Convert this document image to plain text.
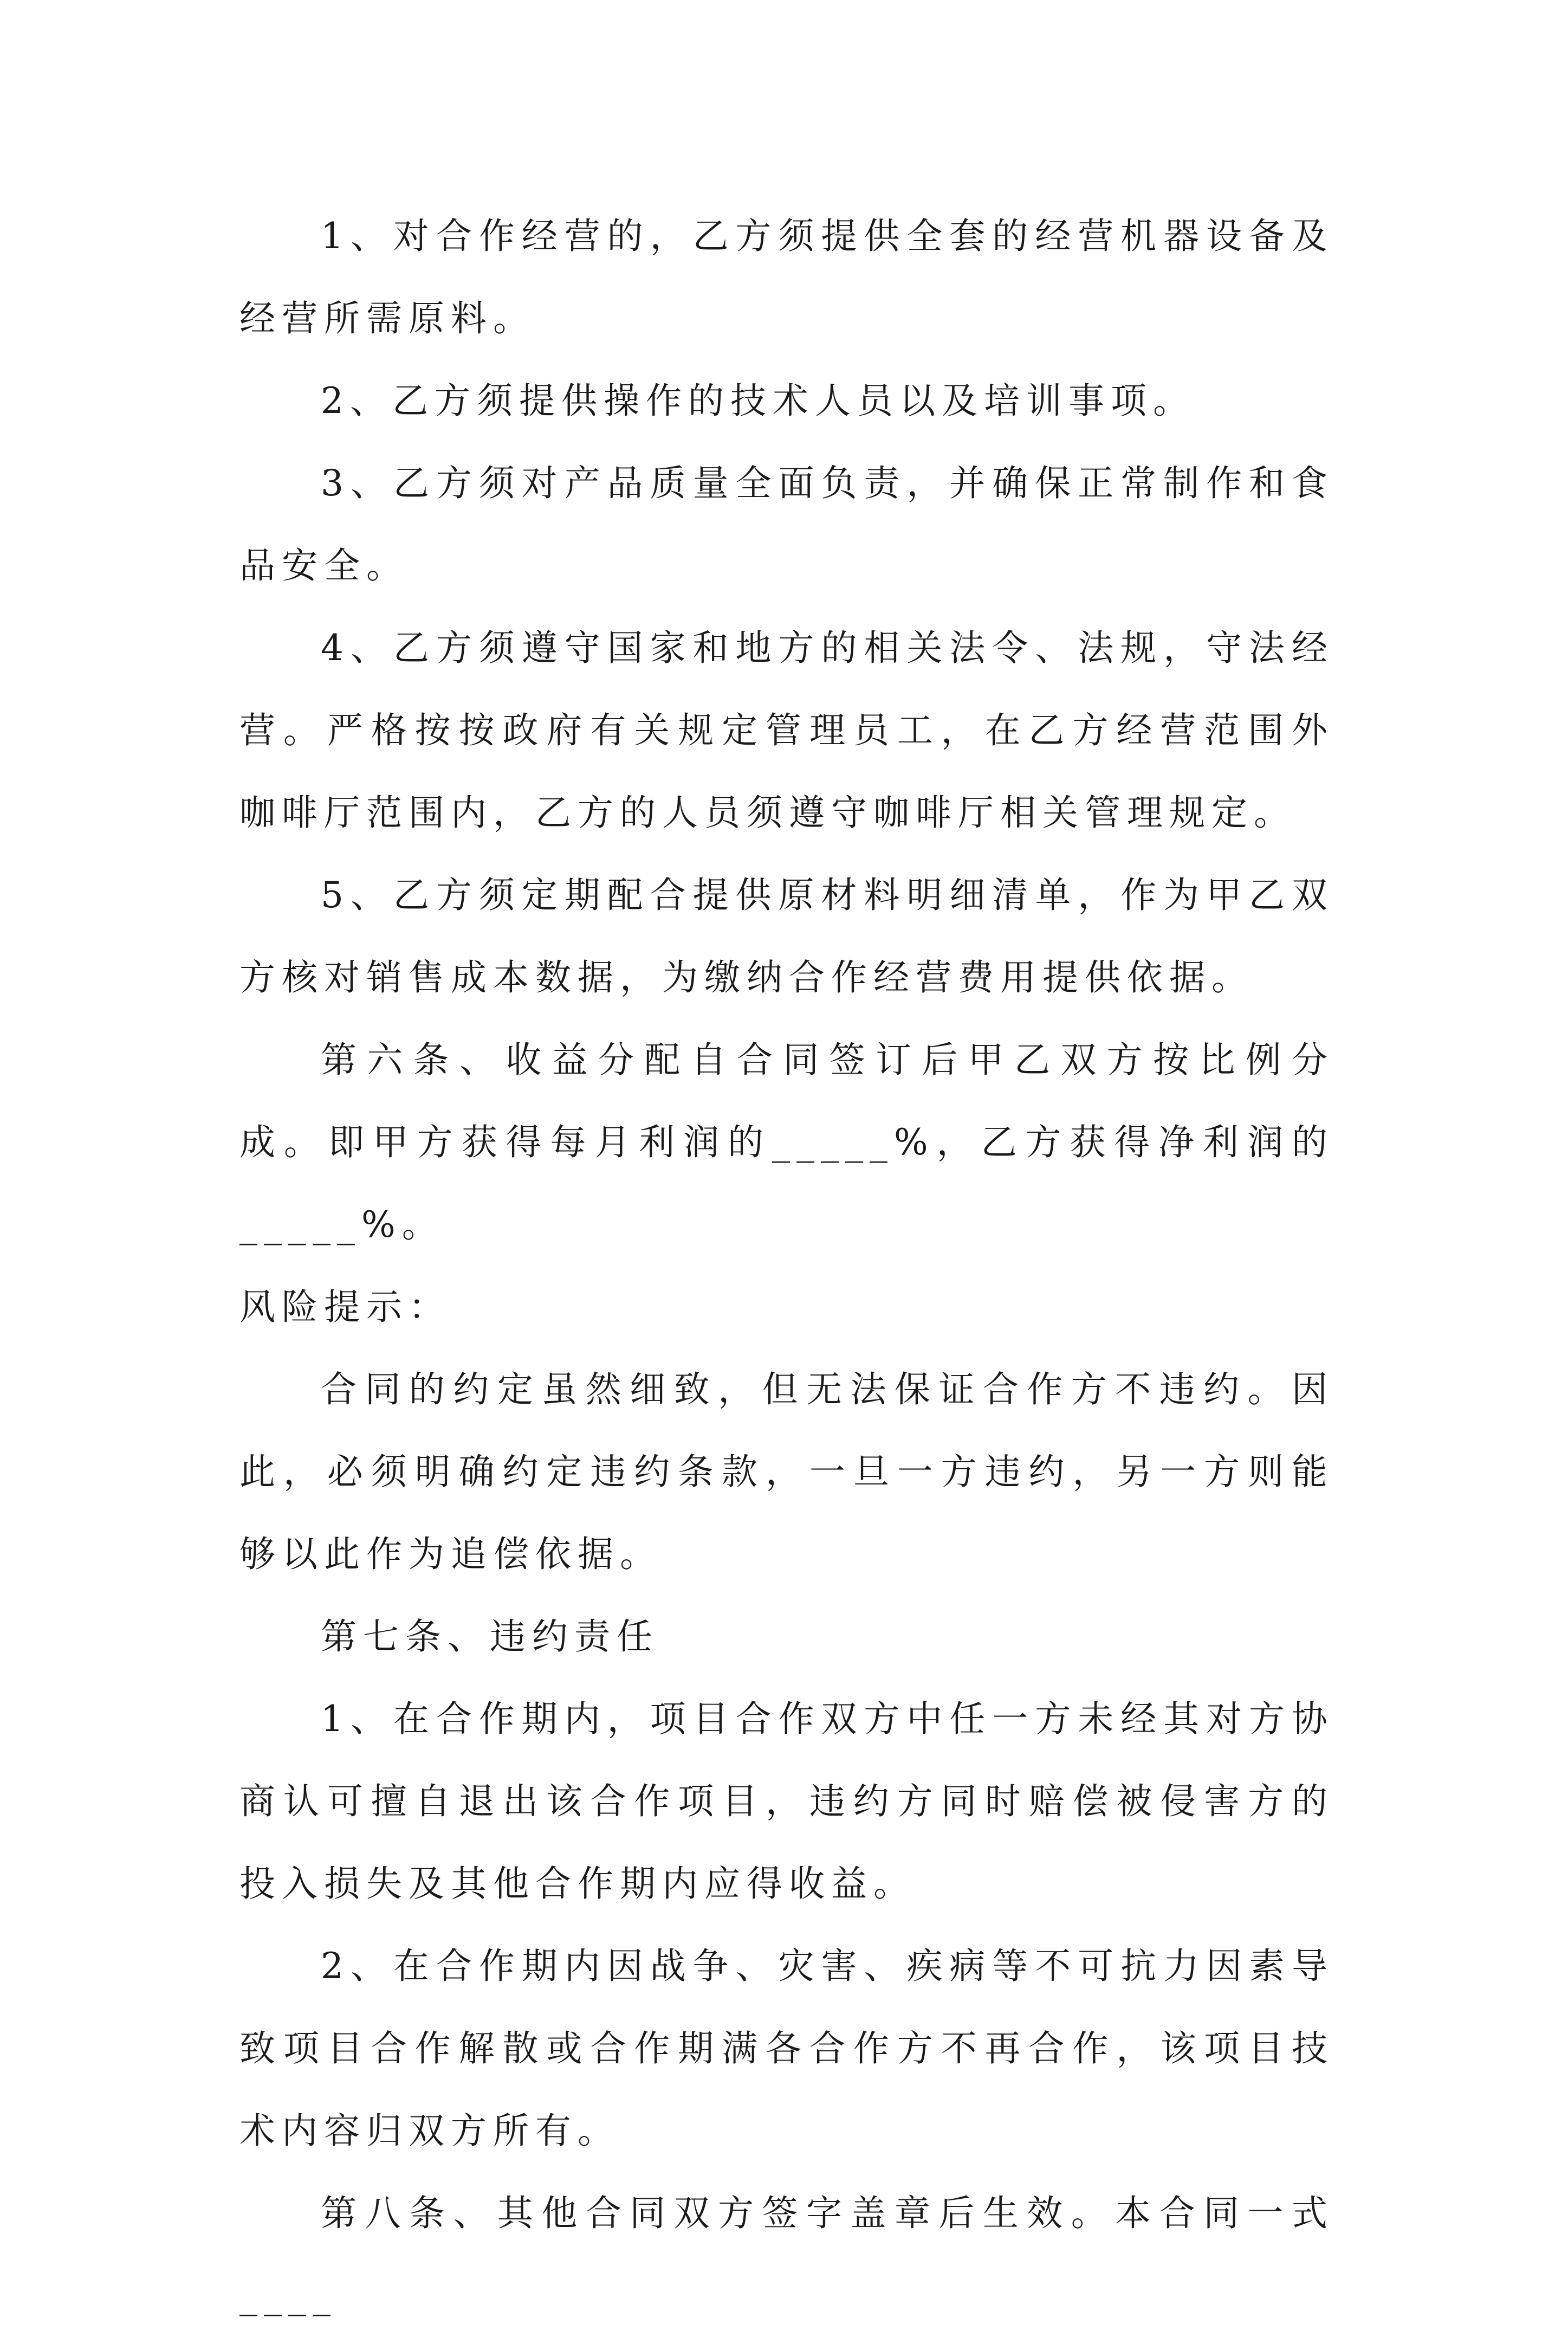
1、对合作经营的，乙方须提供全套的经营机器设备及经营所需原料。

2、乙方须提供操作的技术人员以及培训事项。

3、乙方须对产品质量全面负责，并确保正常制作和食品安全。

4、乙方须遵守国家和地方的相关法令、法规，守法经营。严格按按政府有关规定管理员工，在乙方经营范围外咖啡厅范围内，乙方的人员须遵守咖啡厅相关管理规定。

5、乙方须定期配合提供原材料明细清单，作为甲乙双方核对销售成本数据，为缴纳合作经营费用提供依据。

第六条、收益分配自合同签订后甲乙双方按比例分成。即甲方获得每月利润的_____%，乙方获得净利润的_____%。

风险提示：

合同的约定虽然细致，但无法保证合作方不违约。因此，必须明确约定违约条款，一旦一方违约，另一方则能够以此作为追偿依据。

第七条、违约责任

1、在合作期内，项目合作双方中任一方未经其对方协商认可擅自退出该合作项目，违约方同时赔偿被侵害方的投入损失及其他合作期内应得收益。

2、在合作期内因战争、灾害、疾病等不可抗力因素导致项目合作解散或合作期满各合作方不再合作，该项目技术内容归双方所有。

第八条、其他合同双方签字盖章后生效。本合同一式____
